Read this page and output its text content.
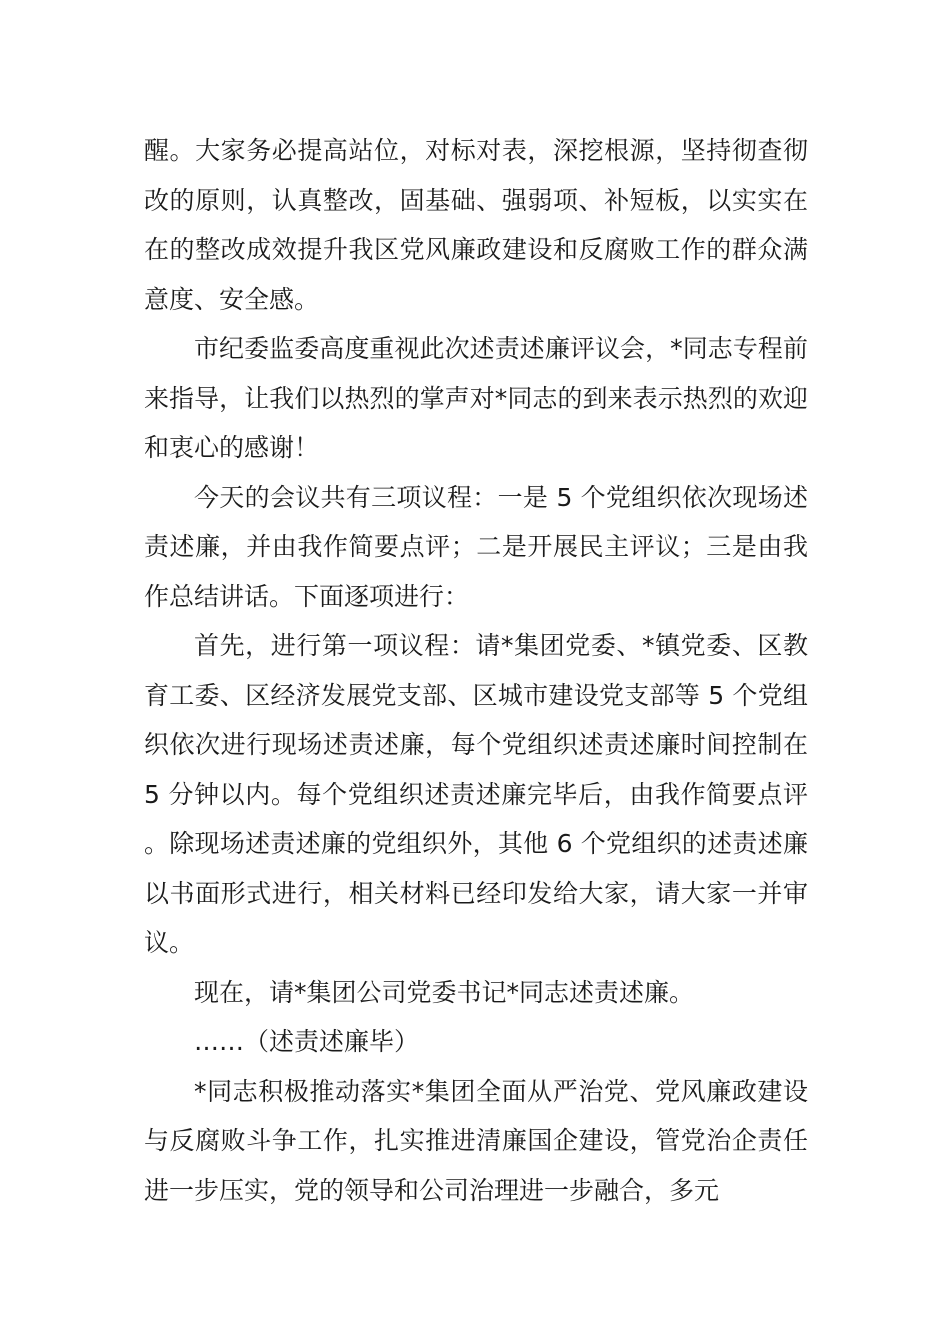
醒。大家务必提高站位，对标对表，深挖根源，坚持彻查彻改的原则，认真整改，固基础、强弱项、补短板，以实实在在的整改成效提升我区党风廉政建设和反腐败工作的群众满意度、安全感。

市纪委监委高度重视此次述责述廉评议会，*同志专程前来指导，让我们以热烈的掌声对*同志的到来表示热烈的欢迎和衷心的感谢！

今天的会议共有三项议程：一是 5 个党组织依次现场述责述廉，并由我作简要点评；二是开展民主评议；三是由我作总结讲话。下面逐项进行：

首先，进行第一项议程：请*集团党委、*镇党委、区教育工委、区经济发展党支部、区城市建设党支部等 5 个党组织依次进行现场述责述廉，每个党组织述责述廉时间控制在 5 分钟以内。每个党组织述责述廉完毕后，由我作简要点评。除现场述责述廉的党组织外，其他 6 个党组织的述责述廉以书面形式进行，相关材料已经印发给大家，请大家一并审议。

现在，请*集团公司党委书记*同志述责述廉。

……（述责述廉毕）

*同志积极推动落实*集团全面从严治党、党风廉政建设与反腐败斗争工作，扎实推进清廉国企建设，管党治企责任进一步压实，党的领导和公司治理进一步融合，多元
